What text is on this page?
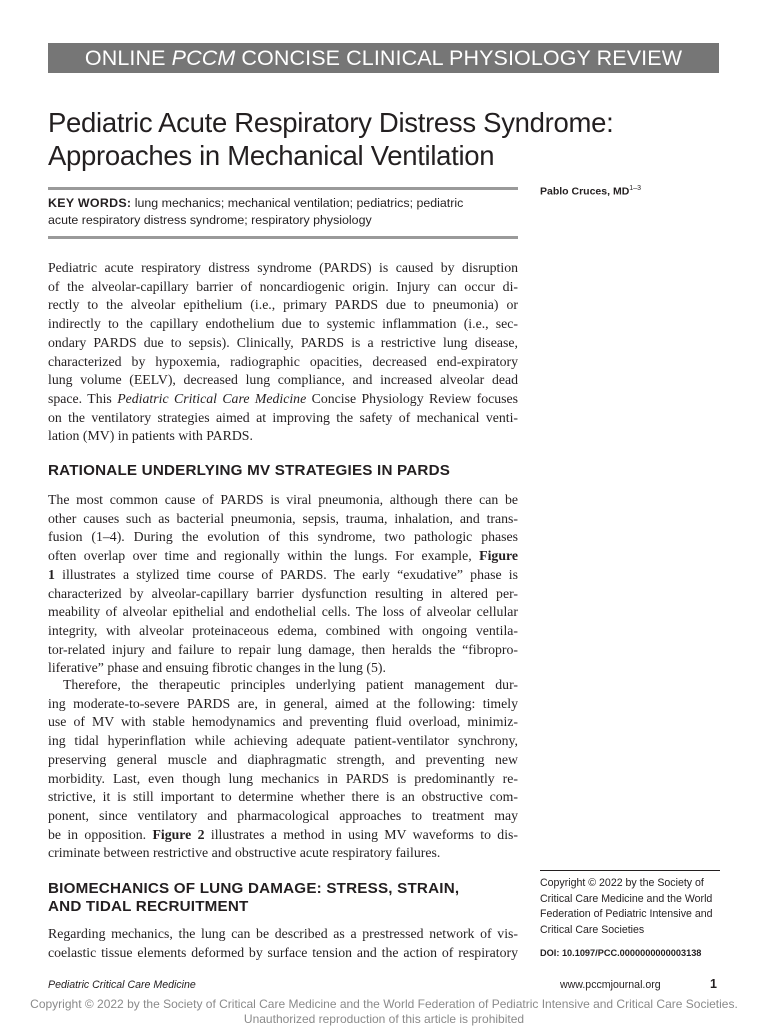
ONLINE PCCM CONCISE CLINICAL PHYSIOLOGY REVIEW
Pediatric Acute Respiratory Distress Syndrome:
Approaches in Mechanical Ventilation
KEY WORDS: lung mechanics; mechanical ventilation; pediatrics; pediatric
acute respiratory distress syndrome; respiratory physiology
Pablo Cruces, MD$^{1-3}$
Pediatric acute respiratory distress syndrome (PARDS) is caused by disruption
of the alveolar-capillary barrier of noncardiogenic origin. Injury can occur di-
rectly to the alveolar epithelium (i.e., primary PARDS due to pneumonia) or
indirectly to the capillary endothelium due to systemic inflammation (i.e., sec-
ondary PARDS due to sepsis). Clinically, PARDS is a restrictive lung disease,
characterized by hypoxemia, radiographic opacities, decreased end-expiratory
lung volume (EELV), decreased lung compliance, and increased alveolar dead
space. This Pediatric Critical Care Medicine Concise Physiology Review focuses
on the ventilatory strategies aimed at improving the safety of mechanical venti-
lation (MV) in patients with PARDS.
RATIONALE UNDERLYING MV STRATEGIES IN PARDS
The most common cause of PARDS is viral pneumonia, although there can be
other causes such as bacterial pneumonia, sepsis, trauma, inhalation, and trans-
fusion (1–4). During the evolution of this syndrome, two pathologic phases
often overlap over time and regionally within the lungs. For example, Figure
1 illustrates a stylized time course of PARDS. The early “exudative” phase is
characterized by alveolar-capillary barrier dysfunction resulting in altered per-
meability of alveolar epithelial and endothelial cells. The loss of alveolar cellular
integrity, with alveolar proteinaceous edema, combined with ongoing ventila-
tor-related injury and failure to repair lung damage, then heralds the “fibropro-
liferative” phase and ensuing fibrotic changes in the lung (5).
Therefore, the therapeutic principles underlying patient management dur-
ing moderate-to-severe PARDS are, in general, aimed at the following: timely
use of MV with stable hemodynamics and preventing fluid overload, minimiz-
ing tidal hyperinflation while achieving adequate patient-ventilator synchrony,
preserving general muscle and diaphragmatic strength, and preventing new
morbidity. Last, even though lung mechanics in PARDS is predominantly re-
strictive, it is still important to determine whether there is an obstructive com-
ponent, since ventilatory and pharmacological approaches to treatment may
be in opposition. Figure 2 illustrates a method in using MV waveforms to dis-
criminate between restrictive and obstructive acute respiratory failures.
BIOMECHANICS OF LUNG DAMAGE: STRESS, STRAIN,
AND TIDAL RECRUITMENT
Regarding mechanics, the lung can be described as a prestressed network of vis-
coelastic tissue elements deformed by surface tension and the action of respiratory
Copyright © 2022 by the Society of
Critical Care Medicine and the World
Federation of Pediatric Intensive and
Critical Care Societies
DOI: 10.1097/PCC.0000000000003138
Pediatric Critical Care Medicine	www.pccmjournal.org	1
Copyright © 2022 by the Society of Critical Care Medicine and the World Federation of Pediatric Intensive and Critical Care Societies.
Unauthorized reproduction of this article is prohibited
